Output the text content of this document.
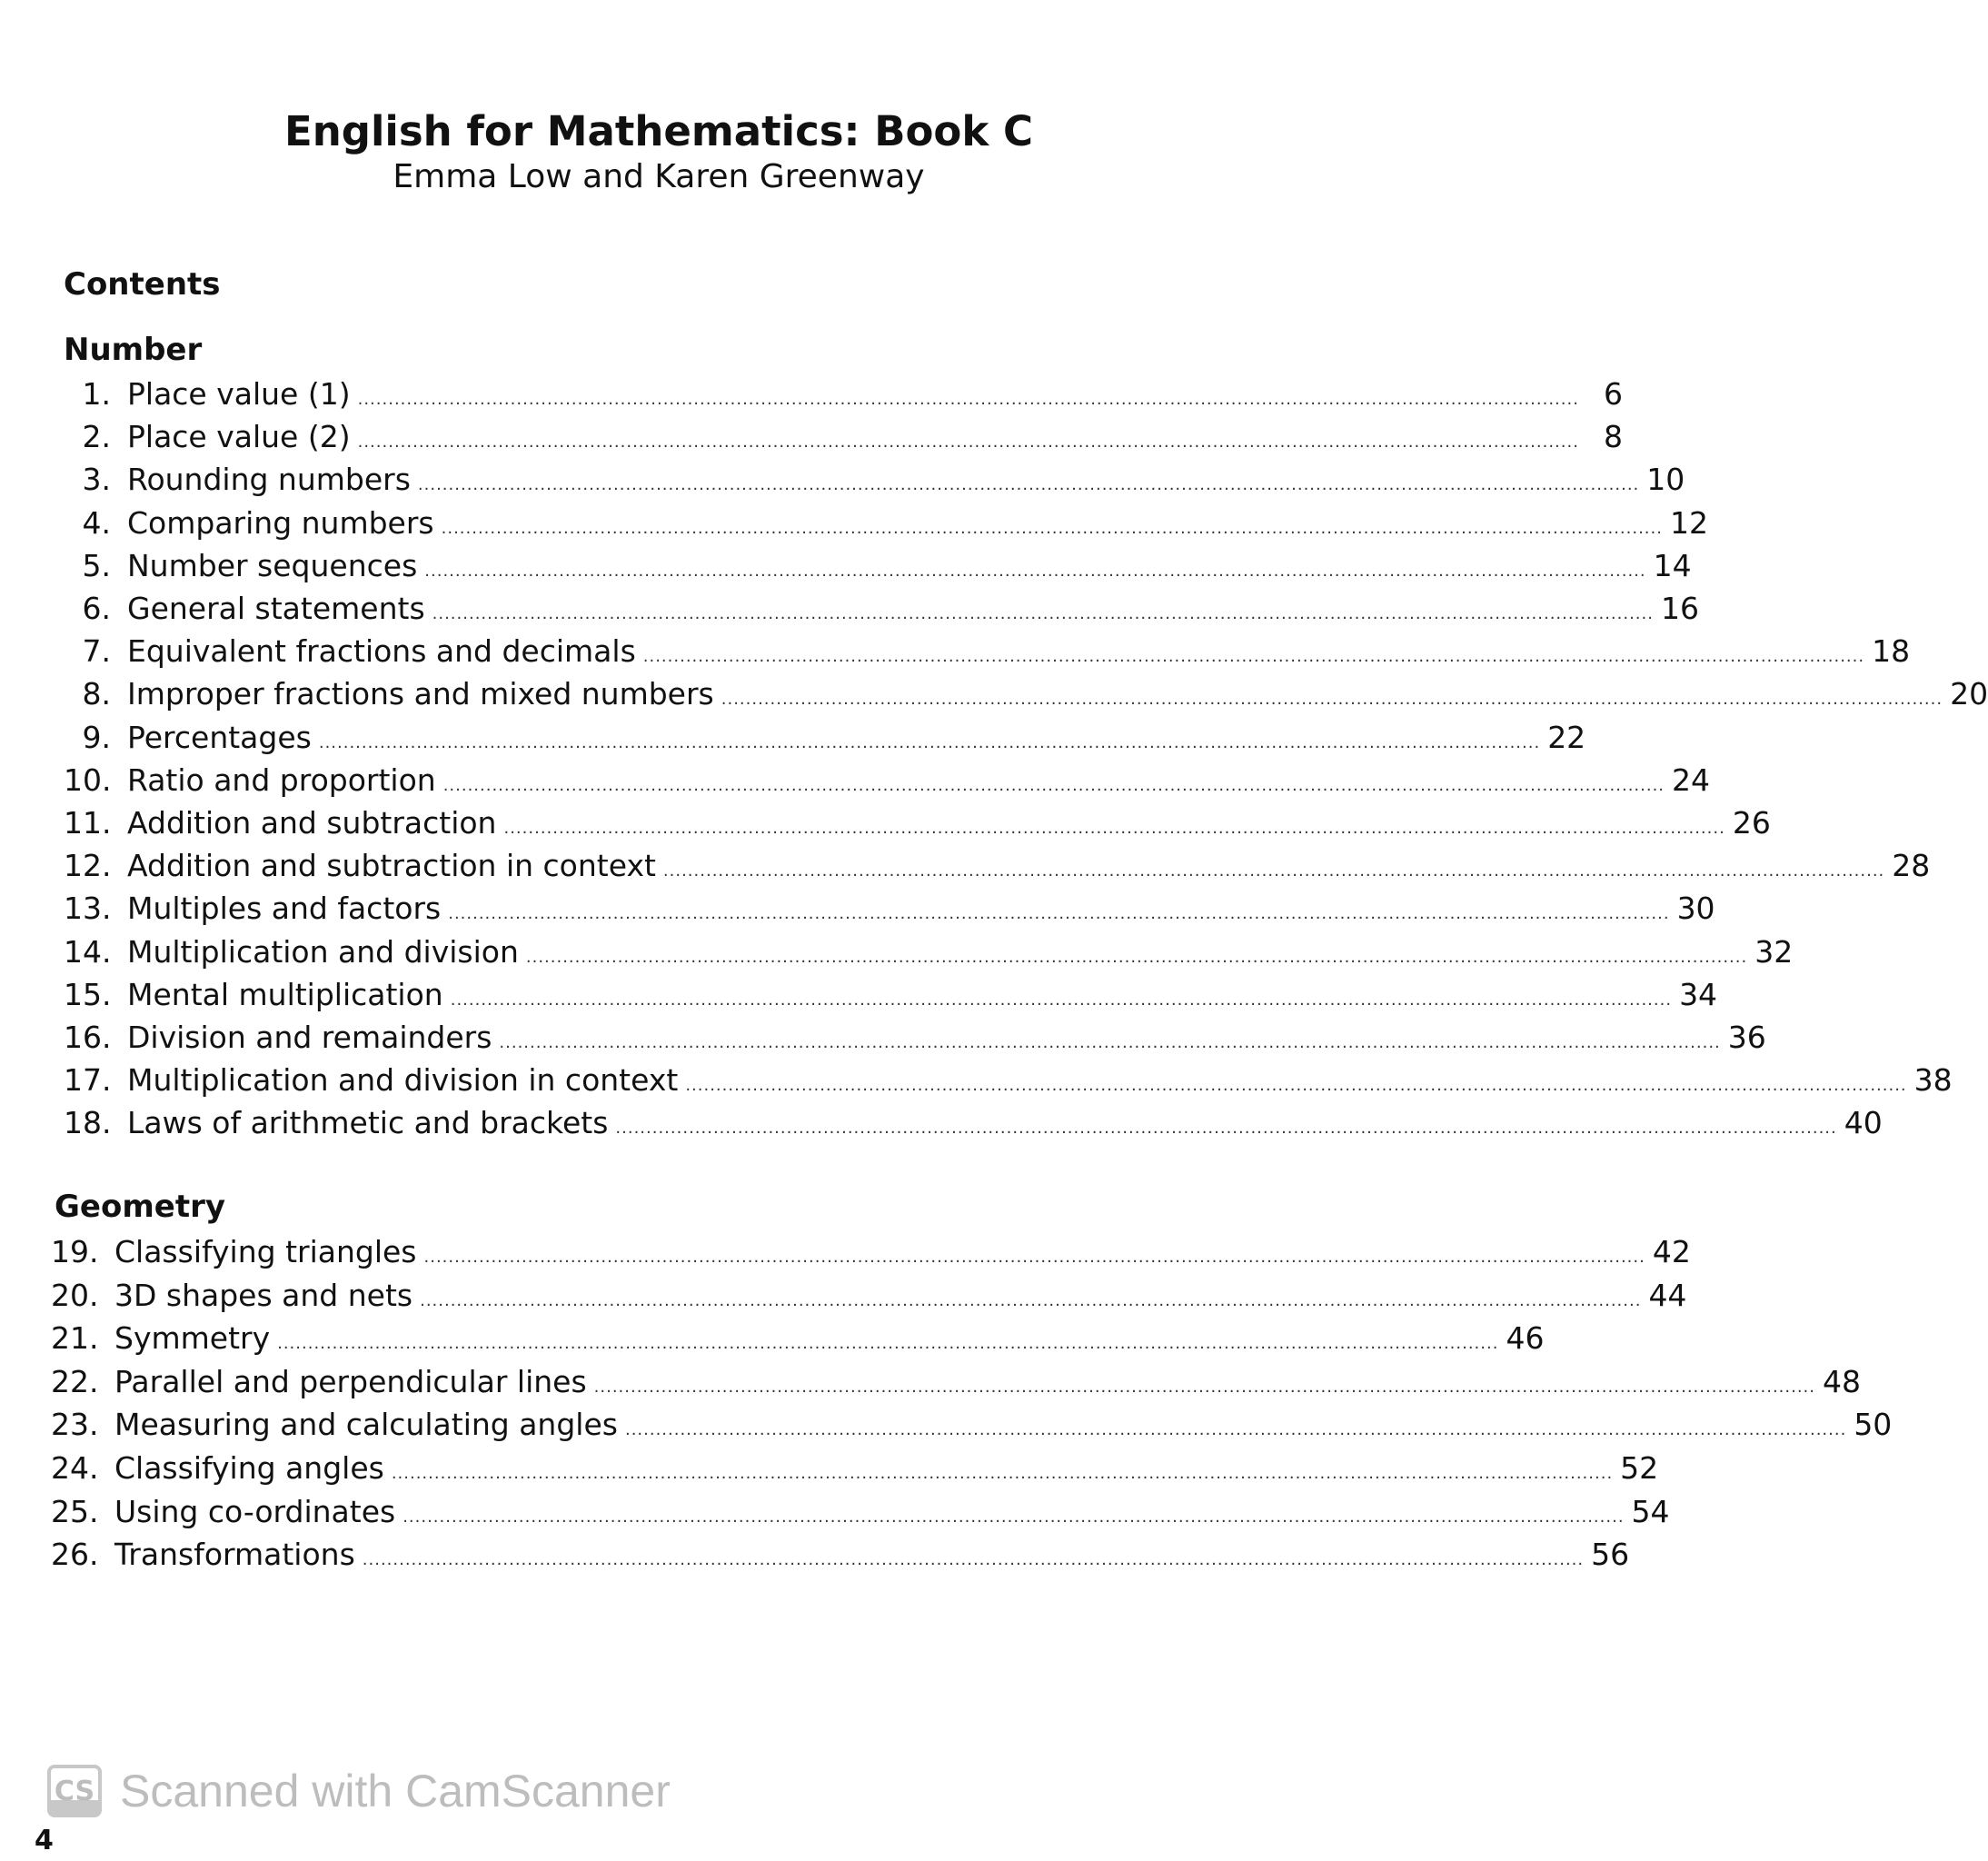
English for Mathematics: Book C
Emma Low and Karen Greenway
Contents
Number
1. Place value (1) ........................................................................................................................................................................................................ 6
2. Place value (2) ........................................................................................................................................................................................................ 8
3. Rounding numbers ........................................................................................................................................................................................................ 10
4. Comparing numbers ........................................................................................................................................................................................................ 12
5. Number sequences ........................................................................................................................................................................................................ 14
6. General statements ........................................................................................................................................................................................................ 16
7. Equivalent fractions and decimals ........................................................................................................................................................................................................ 18
8. Improper fractions and mixed numbers ........................................................................................................................................................................................................ 20
9. Percentages ........................................................................................................................................................................................................ 22
10. Ratio and proportion ........................................................................................................................................................................................................ 24
11. Addition and subtraction ........................................................................................................................................................................................................ 26
12. Addition and subtraction in context ........................................................................................................................................................................................................ 28
13. Multiples and factors ........................................................................................................................................................................................................ 30
14. Multiplication and division ........................................................................................................................................................................................................ 32
15. Mental multiplication ........................................................................................................................................................................................................ 34
16. Division and remainders ........................................................................................................................................................................................................ 36
17. Multiplication and division in context ........................................................................................................................................................................................................ 38
18. Laws of arithmetic and brackets ........................................................................................................................................................................................................ 40
Geometry
19. Classifying triangles ........................................................................................................................................................................................................ 42
20. 3D shapes and nets ........................................................................................................................................................................................................ 44
21. Symmetry ........................................................................................................................................................................................................ 46
22. Parallel and perpendicular lines ........................................................................................................................................................................................................ 48
23. Measuring and calculating angles ........................................................................................................................................................................................................ 50
24. Classifying angles ........................................................................................................................................................................................................ 52
25. Using co-ordinates ........................................................................................................................................................................................................ 54
26. Transformations ........................................................................................................................................................................................................ 56
CS Scanned with CamScanner
4
